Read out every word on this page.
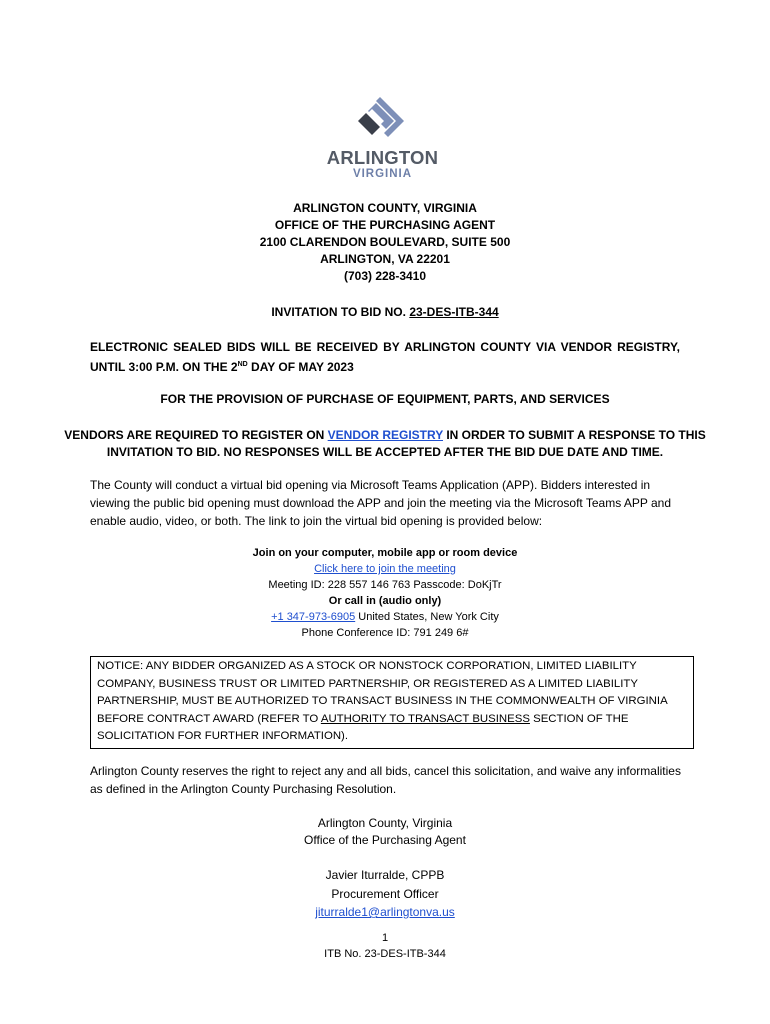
ARLINGTON
VIRGINIA
ARLINGTON COUNTY, VIRGINIA
OFFICE OF THE PURCHASING AGENT
2100 CLARENDON BOULEVARD, SUITE 500
ARLINGTON, VA 22201
(703) 228-3410
INVITATION TO BID NO. 23-DES-ITB-344
ELECTRONIC SEALED BIDS WILL BE RECEIVED BY ARLINGTON COUNTY VIA VENDOR REGISTRY, UNTIL 3:00 P.M. ON THE 2ND DAY OF MAY 2023
FOR THE PROVISION OF PURCHASE OF EQUIPMENT, PARTS, AND SERVICES
VENDORS ARE REQUIRED TO REGISTER ON VENDOR REGISTRY IN ORDER TO SUBMIT A RESPONSE TO THIS INVITATION TO BID. NO RESPONSES WILL BE ACCEPTED AFTER THE BID DUE DATE AND TIME.
The County will conduct a virtual bid opening via Microsoft Teams Application (APP). Bidders interested in viewing the public bid opening must download the APP and join the meeting via the Microsoft Teams APP and enable audio, video, or both. The link to join the virtual bid opening is provided below:
Join on your computer, mobile app or room device
Click here to join the meeting
Meeting ID: 228 557 146 763 Passcode: DoKjTr
Or call in (audio only)
+1 347-973-6905 United States, New York City
Phone Conference ID: 791 249 6#
NOTICE: ANY BIDDER ORGANIZED AS A STOCK OR NONSTOCK CORPORATION, LIMITED LIABILITY COMPANY, BUSINESS TRUST OR LIMITED PARTNERSHIP, OR REGISTERED AS A LIMITED LIABILITY PARTNERSHIP, MUST BE AUTHORIZED TO TRANSACT BUSINESS IN THE COMMONWEALTH OF VIRGINIA BEFORE CONTRACT AWARD (REFER TO AUTHORITY TO TRANSACT BUSINESS SECTION OF THE SOLICITATION FOR FURTHER INFORMATION).
Arlington County reserves the right to reject any and all bids, cancel this solicitation, and waive any informalities as defined in the Arlington County Purchasing Resolution.
Arlington County, Virginia
Office of the Purchasing Agent
Javier Iturralde, CPPB
Procurement Officer
jiturralde1@arlingtonva.us
1
ITB No. 23-DES-ITB-344
